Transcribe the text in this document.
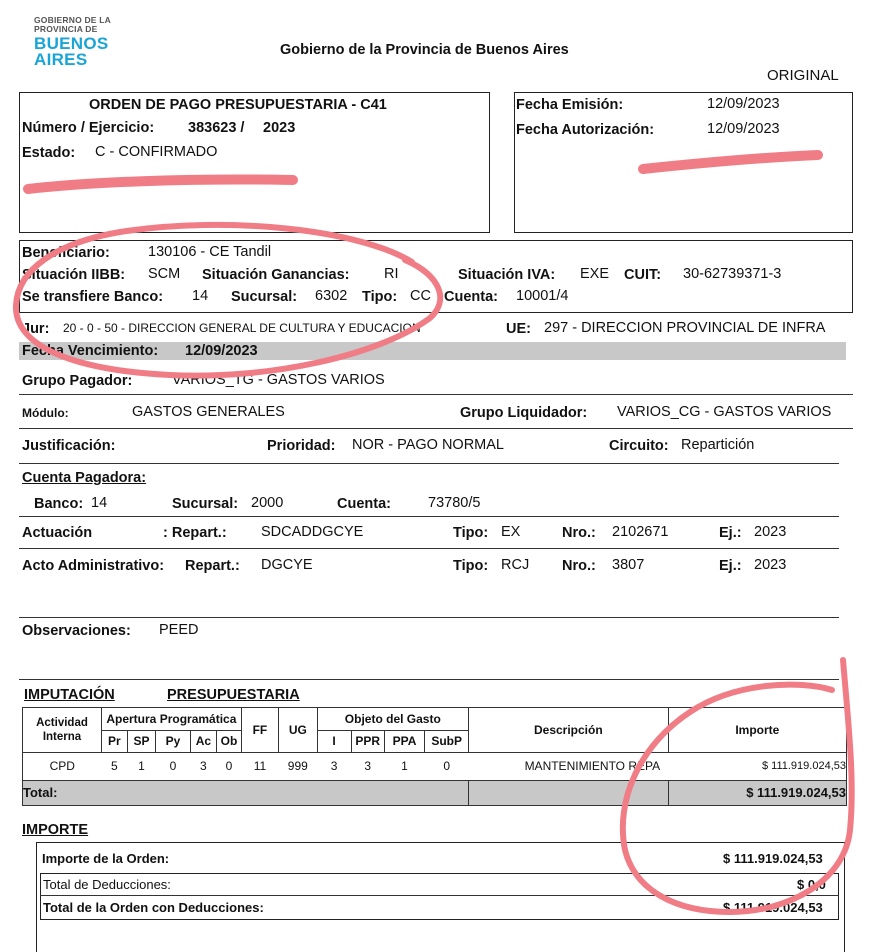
GOBIERNO DE LA
PROVINCIA DE
BUENOS
AIRES	Gobierno de la Provincia de Buenos Aires
ORIGINAL
ORDEN DE PAGO PRESUPUESTARIA - C41
Número / Ejercicio: 383623 / 2023
Estado: C - CONFIRMADO
Fecha Emisión:	12/09/2023
Fecha Autorización:	12/09/2023
Beneficiario:	130106 - CE Tandil
Situación IIBB: SCM Situación Ganancias: RI	Situación IVA: EXE CUIT: 30-62739371-3
Se transfiere Banco: 14 Sucursal: 6302 Tipo: CC Cuenta: 10001/4
Jur: 20 - 0 - 50 - DIRECCION GENERAL DE CULTURA Y EDUCACION	UE: 297 - DIRECCION PROVINCIAL DE INFRA
Fecha Vencimiento: 12/09/2023
Grupo Pagador:	VARIOS_TG - GASTOS VARIOS
Módulo:	GASTOS GENERALES	Grupo Liquidador: VARIOS_CG - GASTOS VARIOS
Justificación:	Prioridad: NOR - PAGO NORMAL	Circuito: Repartición
Cuenta Pagadora:
Banco: 14	Sucursal: 2000	Cuenta:	73780/5
Actuación	: Repart.: SDCADDGCYE	Tipo: EX	Nro.: 2102671	Ej.: 2023
Acto Administrativo: Repart.: DGCYE	Tipo: RCJ Nro.: 3807	Ej.: 2023
Observaciones: PEED
IMPUTACIÓN	PRESUPUESTARIA
Actividad Interna	Apertura Programática					FF	UG	Objeto del Gasto				Descripción	Importe
	Pr	SP	Py	Ac	Ob			I	PPR	PPA	SubP		
CPD	5	1	0	3	0	11	999	3	3	1	0	MANTENIMIENTO REPA	$ 111.919.024,53
Total:													$ 111.919.024,53
IMPORTE
Importe de la Orden:	$ 111.919.024,53
Total de Deducciones:	$ 0,0
Total de la Orden con Deducciones:	$ 111.919.024,53
